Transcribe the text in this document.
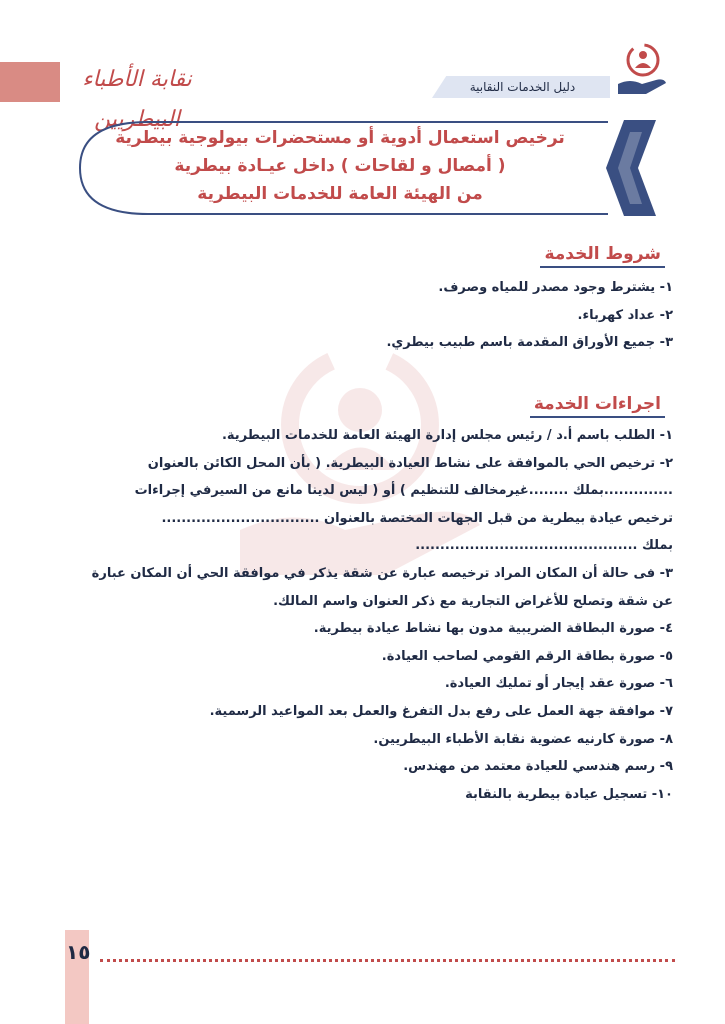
نقابة الأطباء البيطريين
دليل الخدمات النقابية
ترخيص استعمال أدوية أو مستحضرات بيولوجية بيطرية
( أمصال و لقاحات ) داخل عيـادة بيطرية
من الهيئة العامة للخدمات البيطرية
شروط الخدمة
١- يشترط وجود مصدر للمياه وصرف.
٢- عداد كهرباء.
٣- جميع الأوراق المقدمة باسم طبيب بيطري.
اجراءات الخدمة
١- الطلب باسم أ.د / رئيس مجلس إدارة الهيئة العامة للخدمات البيطرية.
٢- ترخيص الحي بالموافقة على نشاط العيادة البيطرية. ( بأن المحل الكائن بالعنوان
..............بملك ........غيرمخالف للتنظيم ) أو ( ليس لدينا مانع من السيرفي إجراءات
ترخيص عيادة بيطرية من قبل الجهات المختصة بالعنوان ................................
بملك .............................................
٣- فى حالة أن المكان المراد ترخيصه عبارة عن شقة يذكر في موافقة الحي أن المكان عبارة
عن شقة وتصلح للأغراض التجارية مع ذكر العنوان واسم المالك.
٤- صورة البطاقة الضريبية مدون بها نشاط عيادة بيطرية.
٥- صورة بطاقة الرقم القومي لصاحب العيادة.
٦- صورة عقد إيجار أو تمليك العيادة.
٧- موافقة جهة العمل على رفع بدل التفرغ والعمل بعد المواعيد الرسمية.
٨- صورة كارنيه عضوية نقابة الأطباء البيطريين.
٩- رسم هندسي للعيادة معتمد من مهندس.
١٠- تسجيل عيادة بيطرية بالنقابة
١٥
